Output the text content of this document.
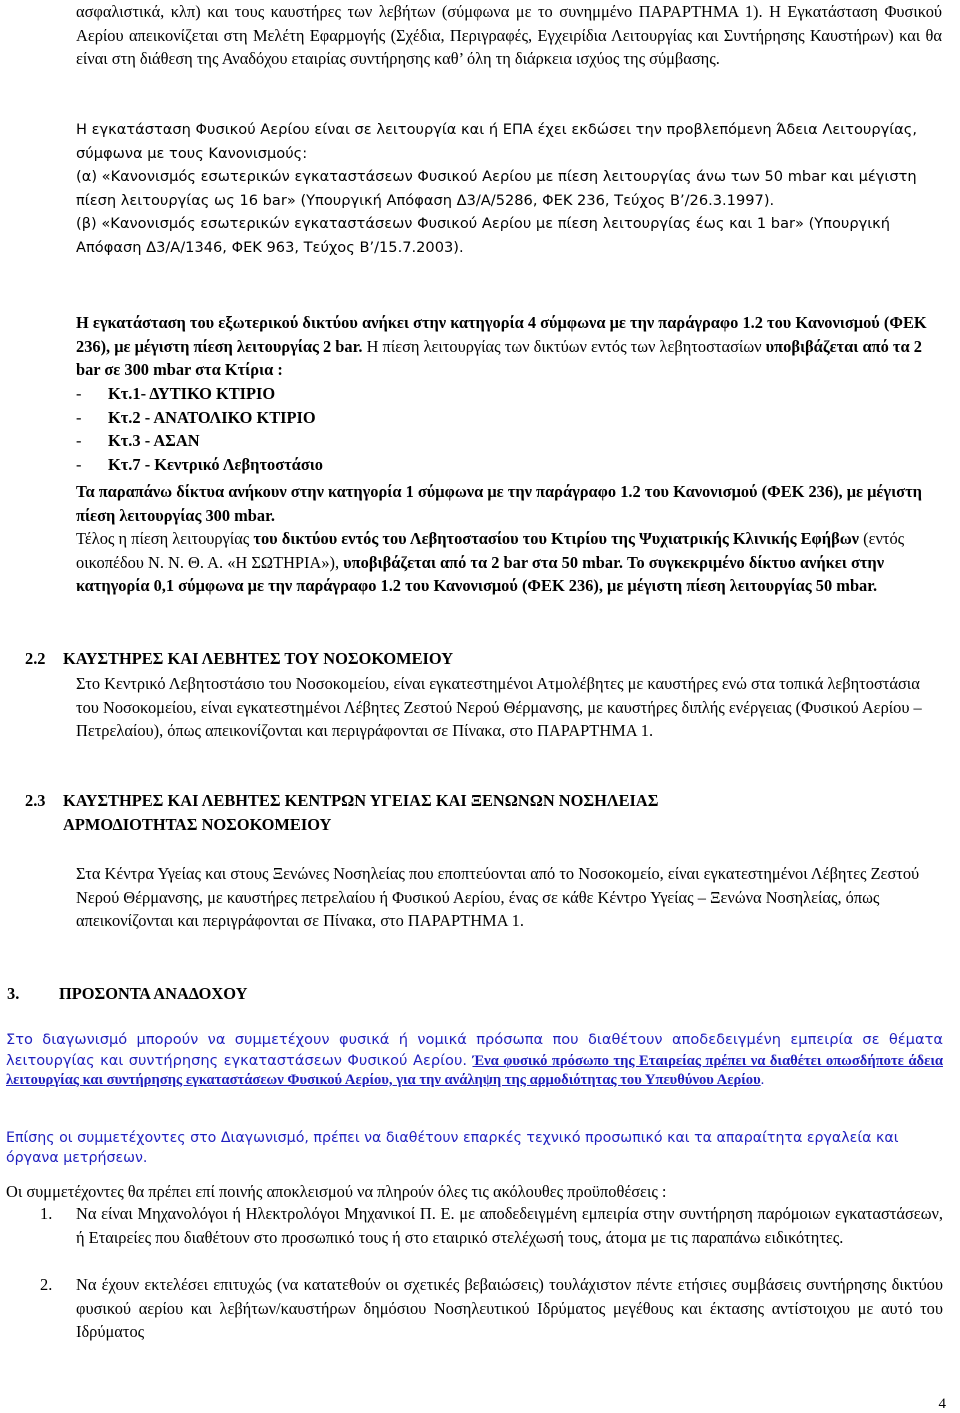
ασφαλιστικά, κλπ) και τους καυστήρες των λεβήτων (σύμφωνα με το συνημμένο ΠΑΡΑΡΤΗΜΑ 1). Η Εγκατάσταση Φυσικού Αερίου απεικονίζεται στη Μελέτη Εφαρμογής (Σχέδια, Περιγραφές, Εγχειρίδια Λειτουργίας και Συντήρησης Καυστήρων) και θα είναι στη διάθεση της Αναδόχου εταιρίας συντήρησης καθ’ όλη τη διάρκεια ισχύος της σύμβασης.

Η εγκατάσταση Φυσικού Αερίου είναι σε λειτουργία και ή ΕΠΑ έχει εκδώσει την προβλεπόμενη Άδεια Λειτουργίας, σύμφωνα με τους Κανονισμούς:

(α) «Κανονισμός εσωτερικών εγκαταστάσεων Φυσικού Αερίου με πίεση λειτουργίας άνω των 50 mbar και μέγιστη πίεση λειτουργίας ως 16 bar» (Υπουργική Απόφαση Δ3/Α/5286, ΦΕΚ 236, Τεύχος Β’/26.3.1997).

(β) «Κανονισμός εσωτερικών εγκαταστάσεων Φυσικού Αερίου με πίεση λειτουργίας έως και 1 bar» (Υπουργική Απόφαση Δ3/Α/1346, ΦΕΚ 963, Τεύχος Β’/15.7.2003).

Η εγκατάσταση του εξωτερικού δικτύου ανήκει στην κατηγορία 4 σύμφωνα με την παράγραφο 1.2 του Κανονισμού (ΦΕΚ 236), με μέγιστη πίεση λειτουργίας 2 bar. Η πίεση λειτουργίας των δικτύων εντός των λεβητοστασίων υποβιβάζεται από τα 2 bar σε 300 mbar στα Κτίρια :

- Κτ.1- ΔΥΤΙΚΟ ΚΤΙΡΙΟ
- Κτ.2 - ΑΝΑΤΟΛΙΚΟ ΚΤΙΡΙΟ
- Κτ.3 - ΑΣΑΝ
- Κτ.7 - Κεντρικό Λεβητοστάσιο

Τα παραπάνω δίκτυα ανήκουν στην κατηγορία 1 σύμφωνα με την παράγραφο 1.2 του Κανονισμού (ΦΕΚ 236), με μέγιστη πίεση λειτουργίας 300 mbar.

Τέλος η πίεση λειτουργίας του δικτύου εντός του Λεβητοστασίου του Κτιρίου της Ψυχιατρικής Κλινικής Εφήβων (εντός οικοπέδου Ν. Ν. Θ. Α. «Η ΣΩΤΗΡΙΑ»), υποβιβάζεται από τα 2 bar στα 50 mbar. Το συγκεκριμένο δίκτυο ανήκει στην κατηγορία 0,1 σύμφωνα με την παράγραφο 1.2 του Κανονισμού (ΦΕΚ 236), με μέγιστη πίεση λειτουργίας 50 mbar.

2.2 ΚΑΥΣΤΗΡΕΣ ΚΑΙ ΛΕΒΗΤΕΣ ΤΟΥ ΝΟΣΟΚΟΜΕΙΟΥ

Στο Κεντρικό Λεβητοστάσιο του Νοσοκομείου, είναι εγκατεστημένοι Ατμολέβητες με καυστήρες ενώ στα τοπικά λεβητοστάσια του Νοσοκομείου, είναι εγκατεστημένοι Λέβητες Ζεστού Νερού Θέρμανσης, με καυστήρες διπλής ενέργειας (Φυσικού Αερίου – Πετρελαίου), όπως απεικονίζονται και περιγράφονται σε Πίνακα, στο ΠΑΡΑΡΤΗΜΑ 1.

2.3 ΚΑΥΣΤΗΡΕΣ ΚΑΙ ΛΕΒΗΤΕΣ ΚΕΝΤΡΩΝ ΥΓΕΙΑΣ ΚΑΙ ΞΕΝΩΝΩΝ ΝΟΣΗΛΕΙΑΣ
ΑΡΜΟΔΙΟΤΗΤΑΣ ΝΟΣΟΚΟΜΕΙΟΥ

Στα Κέντρα Υγείας και στους Ξενώνες Νοσηλείας που εποπτεύονται από το Νοσοκομείο, είναι εγκατεστημένοι Λέβητες Ζεστού Νερού Θέρμανσης, με καυστήρες πετρελαίου ή Φυσικού Αερίου, ένας σε κάθε Κέντρο Υγείας – Ξενώνα Νοσηλείας, όπως απεικονίζονται και περιγράφονται σε Πίνακα, στο ΠΑΡΑΡΤΗΜΑ 1.

3. ΠΡΟΣΟΝΤΑ ΑΝΑΔΟΧΟΥ

Στο διαγωνισμό μπορούν να συμμετέχουν φυσικά ή νομικά πρόσωπα που διαθέτουν αποδεδειγμένη εμπειρία σε θέματα λειτουργίας και συντήρησης εγκαταστάσεων Φυσικού Αερίου. Ένα φυσικό πρόσωπο της Εταιρείας πρέπει να διαθέτει οπωσδήποτε άδεια λειτουργίας και συντήρησης εγκαταστάσεων Φυσικού Αερίου, για την ανάληψη της αρμοδιότητας του Υπευθύνου Αερίου.

Επίσης οι συμμετέχοντες στο Διαγωνισμό, πρέπει να διαθέτουν επαρκές τεχνικό προσωπικό και τα απαραίτητα εργαλεία και όργανα μετρήσεων.

Οι συμμετέχοντες θα πρέπει επί ποινής αποκλεισμού να πληρούν όλες τις ακόλουθες προϋποθέσεις :

1. Να είναι Μηχανολόγοι ή Ηλεκτρολόγοι Μηχανικοί Π. Ε. με αποδεδειγμένη εμπειρία στην συντήρηση παρόμοιων εγκαταστάσεων, ή Εταιρείες που διαθέτουν στο προσωπικό τους ή στο εταιρικό στελέχωσή τους, άτομα με τις παραπάνω ειδικότητες.

2. Να έχουν εκτελέσει επιτυχώς (να κατατεθούν οι σχετικές βεβαιώσεις) τουλάχιστον πέντε ετήσιες συμβάσεις συντήρησης δικτύου φυσικού αερίου και λεβήτων/καυστήρων δημόσιου Νοσηλευτικού Ιδρύματος μεγέθους και έκτασης αντίστοιχου με αυτό του Ιδρύματος

4
